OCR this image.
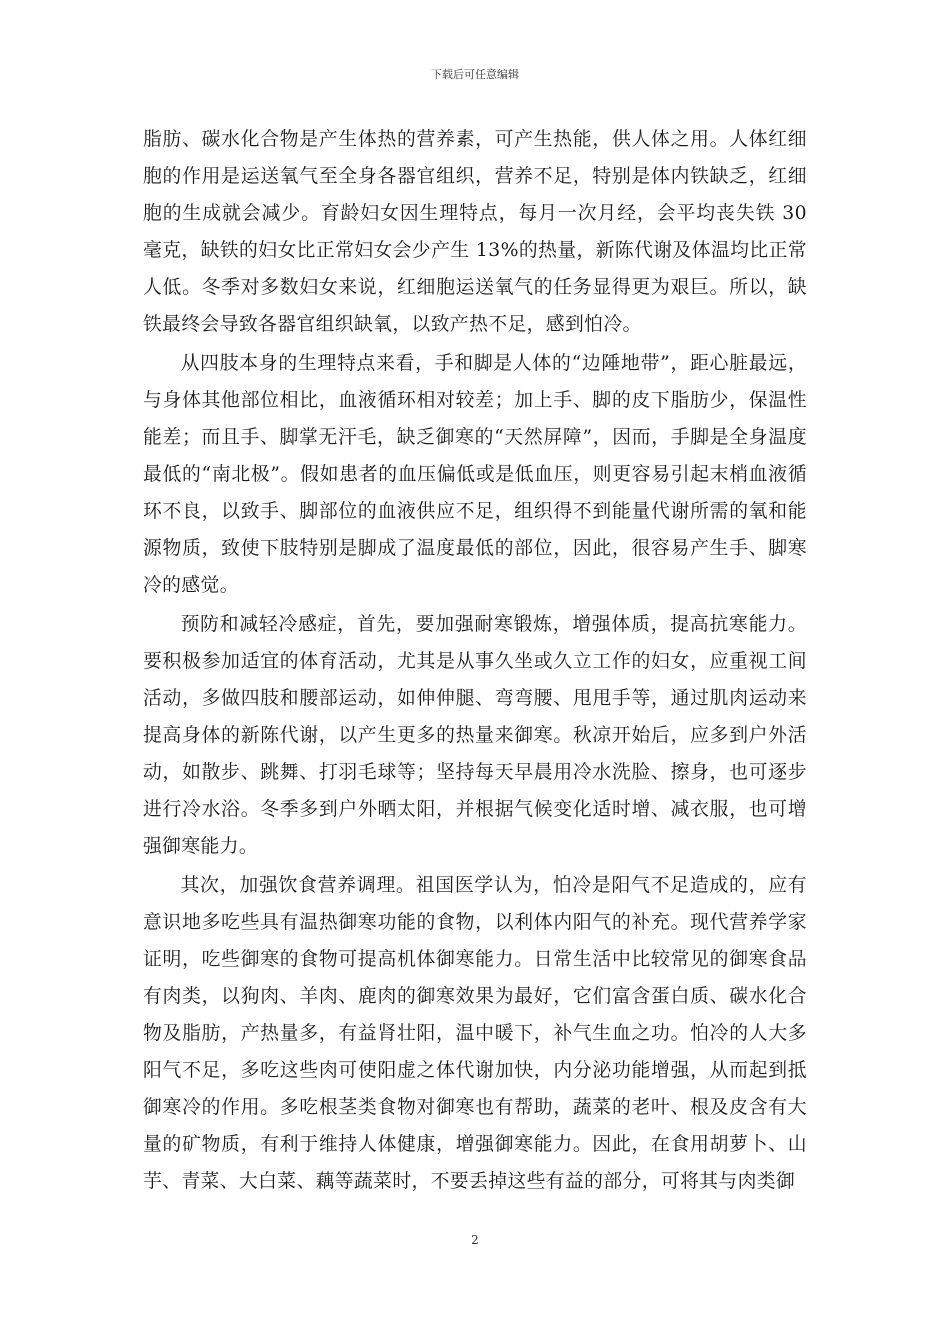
下载后可任意编辑

脂肪、碳水化合物是产生体热的营养素，可产生热能，供人体之用。人体红细胞的作用是运送氧气至全身各器官组织，营养不足，特别是体内铁缺乏，红细胞的生成就会减少。育龄妇女因生理特点，每月一次月经，会平均丧失铁 30 毫克，缺铁的妇女比正常妇女会少产生 13%的热量，新陈代谢及体温均比正常人低。冬季对多数妇女来说，红细胞运送氧气的任务显得更为艰巨。所以，缺铁最终会导致各器官组织缺氧，以致产热不足，感到怕冷。

从四肢本身的生理特点来看，手和脚是人体的“边陲地带”，距心脏最远，与身体其他部位相比，血液循环相对较差；加上手、脚的皮下脂肪少，保温性能差；而且手、脚掌无汗毛，缺乏御寒的“天然屏障”，因而，手脚是全身温度最低的“南北极”。假如患者的血压偏低或是低血压，则更容易引起末梢血液循环不良，以致手、脚部位的血液供应不足，组织得不到能量代谢所需的氧和能源物质，致使下肢特别是脚成了温度最低的部位，因此，很容易产生手、脚寒冷的感觉。

预防和减轻冷感症，首先，要加强耐寒锻炼，增强体质，提高抗寒能力。要积极参加适宜的体育活动，尤其是从事久坐或久立工作的妇女，应重视工间活动，多做四肢和腰部运动，如伸伸腿、弯弯腰、甩甩手等，通过肌肉运动来提高身体的新陈代谢，以产生更多的热量来御寒。秋凉开始后，应多到户外活动，如散步、跳舞、打羽毛球等；坚持每天早晨用冷水洗脸、擦身，也可逐步进行冷水浴。冬季多到户外晒太阳，并根据气候变化适时增、减衣服，也可增强御寒能力。

其次，加强饮食营养调理。祖国医学认为，怕冷是阳气不足造成的，应有意识地多吃些具有温热御寒功能的食物，以利体内阳气的补充。现代营养学家证明，吃些御寒的食物可提高机体御寒能力。日常生活中比较常见的御寒食品有肉类，以狗肉、羊肉、鹿肉的御寒效果为最好，它们富含蛋白质、碳水化合物及脂肪，产热量多，有益肾壮阳，温中暖下，补气生血之功。怕冷的人大多阳气不足，多吃这些肉可使阳虚之体代谢加快，内分泌功能增强，从而起到抵御寒冷的作用。多吃根茎类食物对御寒也有帮助，蔬菜的老叶、根及皮含有大量的矿物质，有利于维持人体健康，增强御寒能力。因此，在食用胡萝卜、山芋、青菜、大白菜、藕等蔬菜时，不要丢掉这些有益的部分，可将其与肉类御

2
